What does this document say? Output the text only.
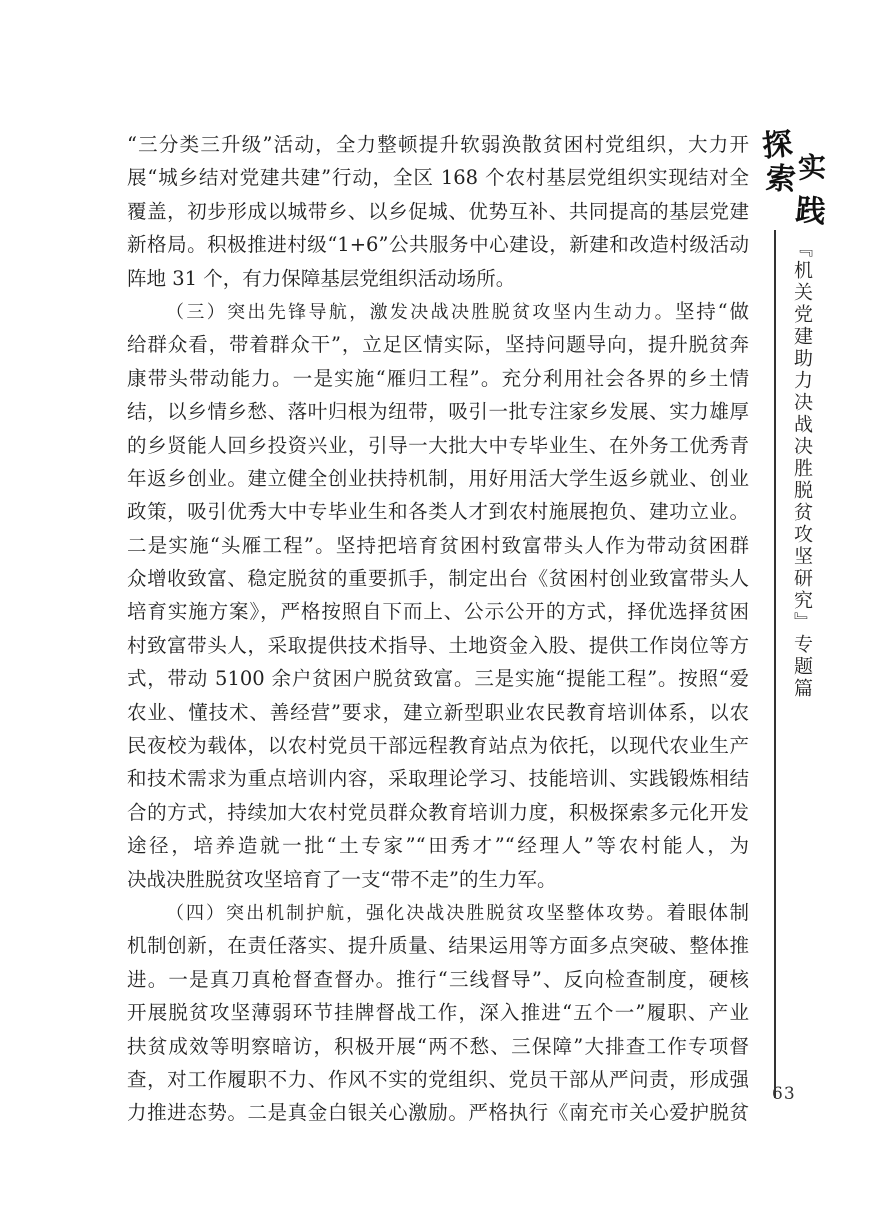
“三分类三升级”活动，全力整顿提升软弱涣散贫困村党组织，大力开
展“城乡结对党建共建”行动，全区 168 个农村基层党组织实现结对全
覆盖，初步形成以城带乡、以乡促城、优势互补、共同提高的基层党建
新格局。积极推进村级“1+6”公共服务中心建设，新建和改造村级活动
阵地 31 个，有力保障基层党组织活动场所。
（三）突出先锋导航，激发决战决胜脱贫攻坚内生动力。坚持“做
给群众看，带着群众干”，立足区情实际，坚持问题导向，提升脱贫奔
康带头带动能力。一是实施“雁归工程”。充分利用社会各界的乡土情
结，以乡情乡愁、落叶归根为纽带，吸引一批专注家乡发展、实力雄厚
的乡贤能人回乡投资兴业，引导一大批大中专毕业生、在外务工优秀青
年返乡创业。建立健全创业扶持机制，用好用活大学生返乡就业、创业
政策，吸引优秀大中专毕业生和各类人才到农村施展抱负、建功立业。
二是实施“头雁工程”。坚持把培育贫困村致富带头人作为带动贫困群
众增收致富、稳定脱贫的重要抓手，制定出台《贫困村创业致富带头人
培育实施方案》，严格按照自下而上、公示公开的方式，择优选择贫困
村致富带头人，采取提供技术指导、土地资金入股、提供工作岗位等方
式，带动 5100 余户贫困户脱贫致富。三是实施“提能工程”。按照“爱
农业、懂技术、善经营”要求，建立新型职业农民教育培训体系，以农
民夜校为载体，以农村党员干部远程教育站点为依托，以现代农业生产
和技术需求为重点培训内容，采取理论学习、技能培训、实践锻炼相结
合的方式，持续加大农村党员群众教育培训力度，积极探索多元化开发
途径，培养造就一批“土专家”“田秀才”“经理人”等农村能人，为
决战决胜脱贫攻坚培育了一支“带不走”的生力军。
（四）突出机制护航，强化决战决胜脱贫攻坚整体攻势。着眼体制
机制创新，在责任落实、提升质量、结果运用等方面多点突破、整体推
进。一是真刀真枪督查督办。推行“三线督导”、反向检查制度，硬核
开展脱贫攻坚薄弱环节挂牌督战工作，深入推进“五个一”履职、产业
扶贫成效等明察暗访，积极开展“两不愁、三保障”大排查工作专项督
查，对工作履职不力、作风不实的党组织、党员干部从严问责，形成强
力推进态势。二是真金白银关心激励。严格执行《南充市关心爱护脱贫
探
索 实
践
『机关党建助力决战决胜脱贫攻坚研究』专题篇
63
